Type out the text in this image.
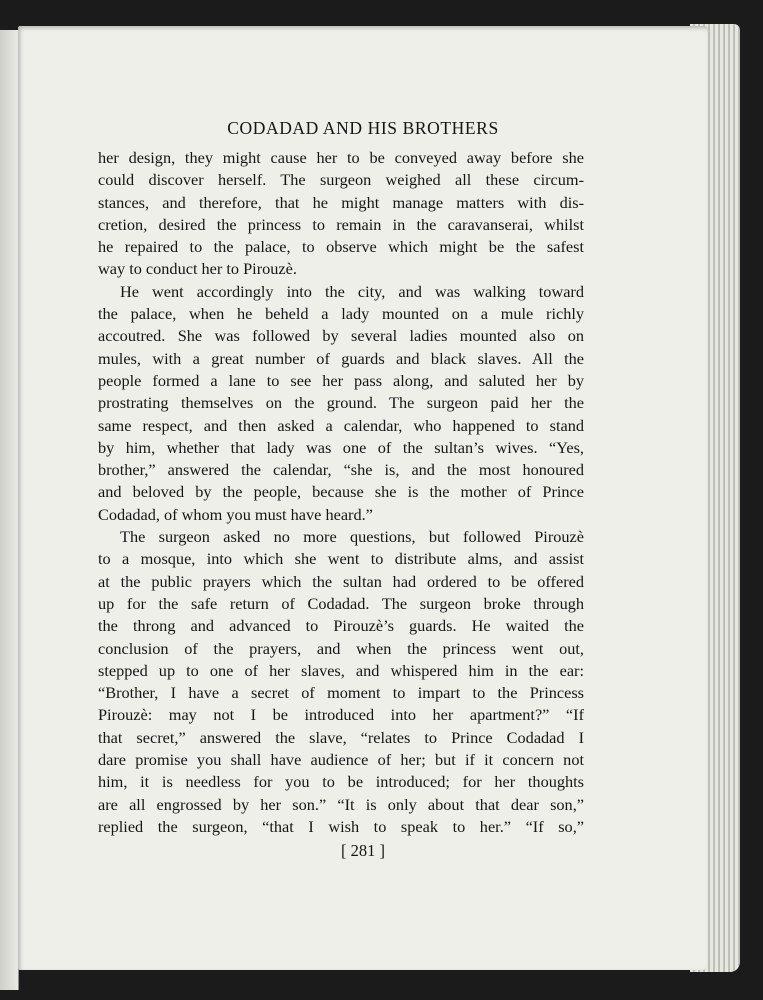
CODADAD AND HIS BROTHERS
her design, they might cause her to be conveyed away before she
could discover herself. The surgeon weighed all these circum-
stances, and therefore, that he might manage matters with dis-
cretion, desired the princess to remain in the caravanserai, whilst
he repaired to the palace, to observe which might be the safest
way to conduct her to Pirouzè.
He went accordingly into the city, and was walking toward
the palace, when he beheld a lady mounted on a mule richly
accoutred. She was followed by several ladies mounted also on
mules, with a great number of guards and black slaves. All the
people formed a lane to see her pass along, and saluted her by
prostrating themselves on the ground. The surgeon paid her the
same respect, and then asked a calendar, who happened to stand
by him, whether that lady was one of the sultan’s wives. “Yes,
brother,” answered the calendar, “she is, and the most honoured
and beloved by the people, because she is the mother of Prince
Codadad, of whom you must have heard.”
The surgeon asked no more questions, but followed Pirouzè
to a mosque, into which she went to distribute alms, and assist
at the public prayers which the sultan had ordered to be offered
up for the safe return of Codadad. The surgeon broke through
the throng and advanced to Pirouzè’s guards. He waited the
conclusion of the prayers, and when the princess went out,
stepped up to one of her slaves, and whispered him in the ear:
“Brother, I have a secret of moment to impart to the Princess
Pirouzè: may not I be introduced into her apartment?” “If
that secret,” answered the slave, “relates to Prince Codadad I
dare promise you shall have audience of her; but if it concern not
him, it is needless for you to be introduced; for her thoughts
are all engrossed by her son.” “It is only about that dear son,”
replied the surgeon, “that I wish to speak to her.” “If so,”
[ 281 ]
